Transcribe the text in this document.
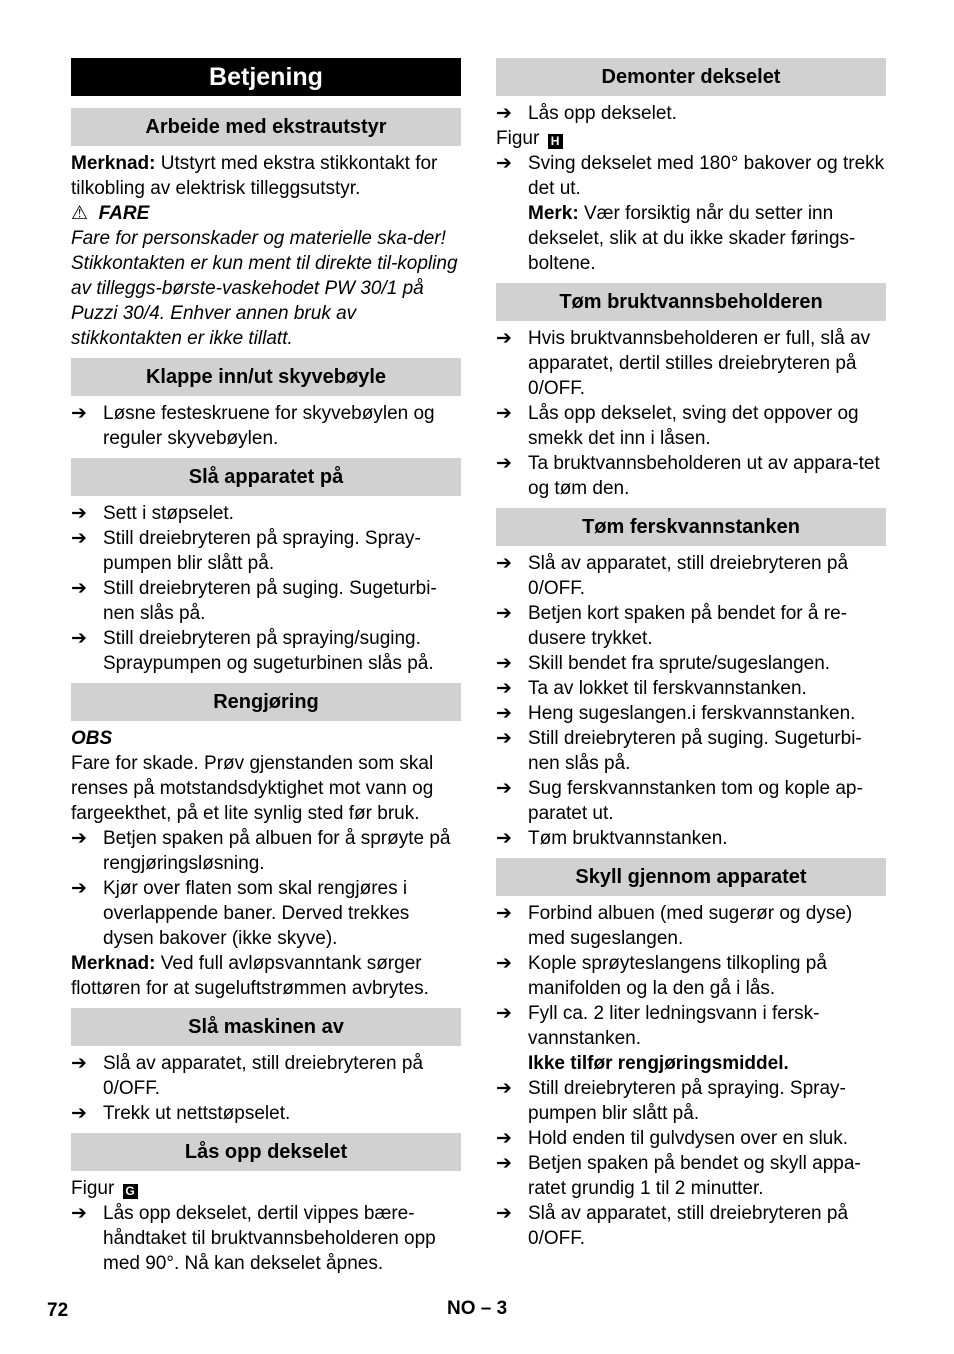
Betjening
Arbeide med ekstrautstyr

Merknad: Utstyrt med ekstra stikkontakt for tilkobling av elektrisk tilleggsutstyr.

⚠ FARE

Fare for personskader og materielle ska-der! Stikkontakten er kun ment til direkte til-kopling av tilleggs-børste-vaskehodet PW 30/1 på Puzzi 30/4. Enhver annen bruk av stikkontakten er ikke tillatt.

Klappe inn/ut skyvebøyle
➔ Løsne festeskruene for skyvebøylen og reguler skyvebøylen.
Slå apparatet på
➔ Sett i støpselet.
➔ Still dreiebryteren på spraying. Spray-pumpen blir slått på.
➔ Still dreiebryteren på suging. Sugeturbi-nen slås på.
➔ Still dreiebryteren på spraying/suging. Spraypumpen og sugeturbinen slås på.
Rengjøring

OBS

Fare for skade. Prøv gjenstanden som skal renses på motstandsdyktighet mot vann og fargeekthet, på et lite synlig sted før bruk.

➔ Betjen spaken på albuen for å sprøyte på rengjøringsløsning.
➔ Kjør over flaten som skal rengjøres i overlappende baner. Derved trekkes dysen bakover (ikke skyve).

Merknad: Ved full avløpsvanntank sørger flottøren for at sugeluftstrømmen avbrytes.

Slå maskinen av
➔ Slå av apparatet, still dreiebryteren på 0/OFF.
➔ Trekk ut nettstøpselet.
Lås opp dekselet

Figur G

➔ Lås opp dekselet, dertil vippes bære-håndtaket til bruktvannsbeholderen opp med 90°. Nå kan dekselet åpnes.
Demonter dekselet
➔ Lås opp dekselet.

Figur H

➔ Sving dekselet med 180° bakover og trekk det ut.

Merk: Vær forsiktig når du setter inn dekselet, slik at du ikke skader førings-boltene.

Tøm bruktvannsbeholderen
➔ Hvis bruktvannsbeholderen er full, slå av apparatet, dertil stilles dreiebryteren på 0/OFF.
➔ Lås opp dekselet, sving det oppover og smekk det inn i låsen.
➔ Ta bruktvannsbeholderen ut av appara-tet og tøm den.
Tøm ferskvannstanken
➔ Slå av apparatet, still dreiebryteren på 0/OFF.
➔ Betjen kort spaken på bendet for å re-dusere trykket.
➔ Skill bendet fra sprute/sugeslangen.
➔ Ta av lokket til ferskvannstanken.
➔ Heng sugeslangen.i ferskvannstanken.
➔ Still dreiebryteren på suging. Sugeturbi-nen slås på.
➔ Sug ferskvannstanken tom og kople ap-paratet ut.
➔ Tøm bruktvannstanken.
Skyll gjennom apparatet
➔ Forbind albuen (med sugerør og dyse) med sugeslangen.
➔ Kople sprøyteslangens tilkopling på manifolden og la den gå i lås.
➔ Fyll ca. 2 liter ledningsvann i fersk-vannstanken.

Ikke tilfør rengjøringsmiddel.

➔ Still dreiebryteren på spraying. Spray-pumpen blir slått på.
➔ Hold enden til gulvdysen over en sluk.
➔ Betjen spaken på bendet og skyll appa-ratet grundig 1 til 2 minutter.
➔ Slå av apparatet, still dreiebryteren på 0/OFF.
72	NO – 3
